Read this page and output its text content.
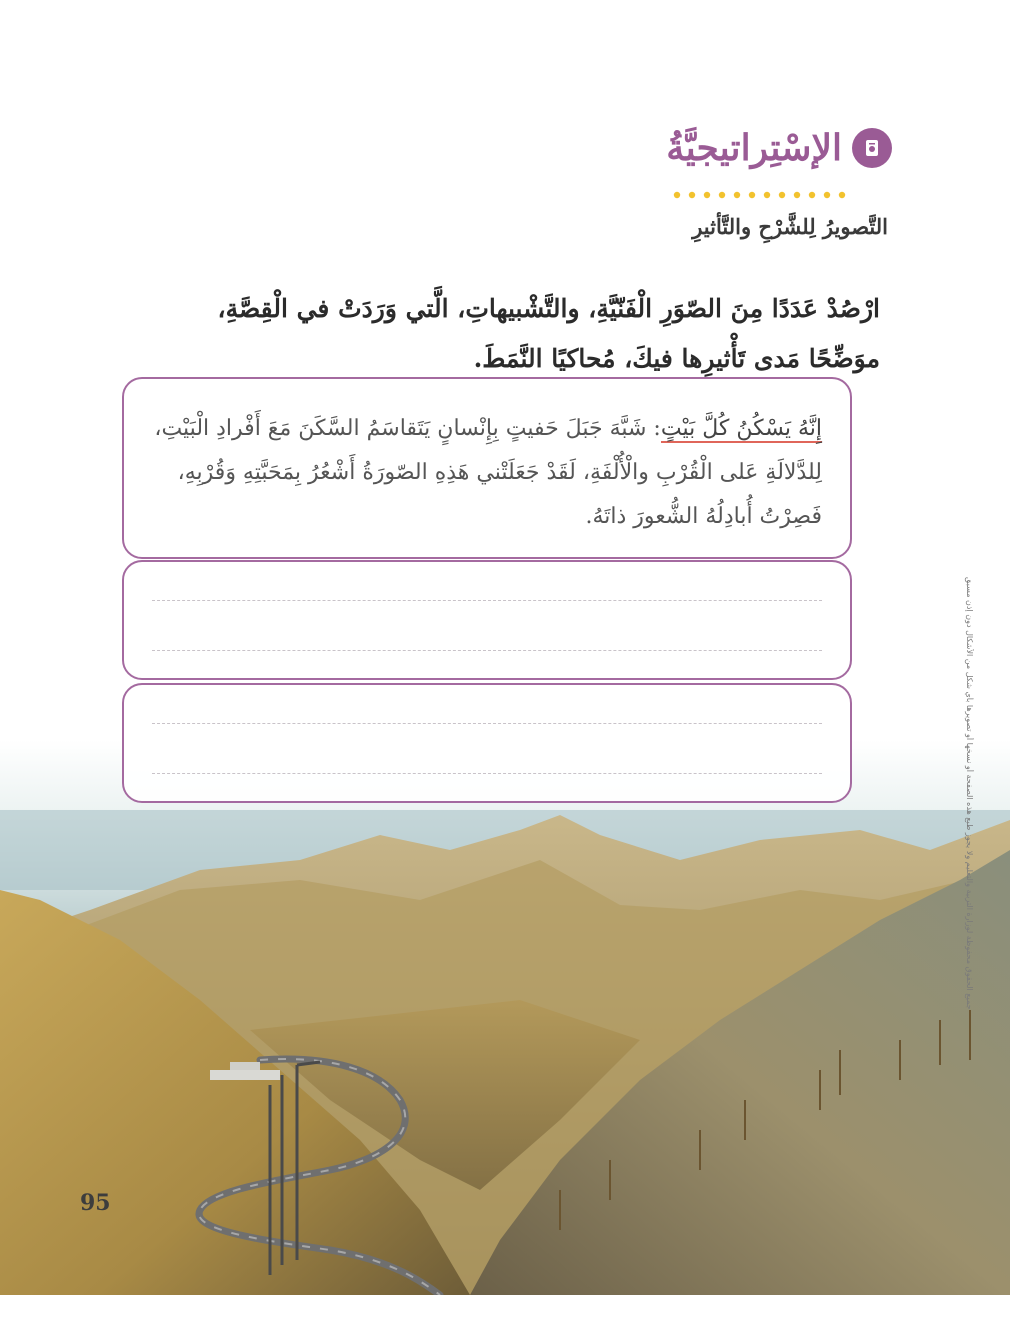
الإسْتِراتيجيَّةُ
التَّصويرُ لِلشَّرْحِ والتَّأثيرِ
ارْصُدْ عَدَدًا مِنَ الصّوَرِ الْفَنّيَّةِ، والتَّشْبيهاتِ، الَّتي وَرَدَتْ في الْقِصَّةِ، موَضِّحًا مَدى تَأْثيرِها فيكَ، مُحاكيًا النَّمَطَ.
إِنَّهُ يَسْكُنُ كُلَّ بَيْتٍ: شَبَّهَ جَبَلَ حَفيتٍ بِإِنْسانٍ يَتَقاسَمُ السَّكَنَ مَعَ أَفْرادِ الْبَيْتِ، لِلدَّلالَةِ عَلى الْقُرْبِ والْأُلْفَةِ، لَقَدْ جَعَلَتْني هَذِهِ الصّورَةُ أَشْعُرُ بِمَحَبَّتِهِ وَقُرْبِهِ، فَصِرْتُ أُبادِلُهُ الشُّعورَ ذاتَهُ.
جميع الحقوق محفوظة لوزارة التربية والتعليم ولا يجوز طبع هذه الصفحة أو نسخها أو تصويرها بأي شكل من الأشكال دون إذن مسبق
95
